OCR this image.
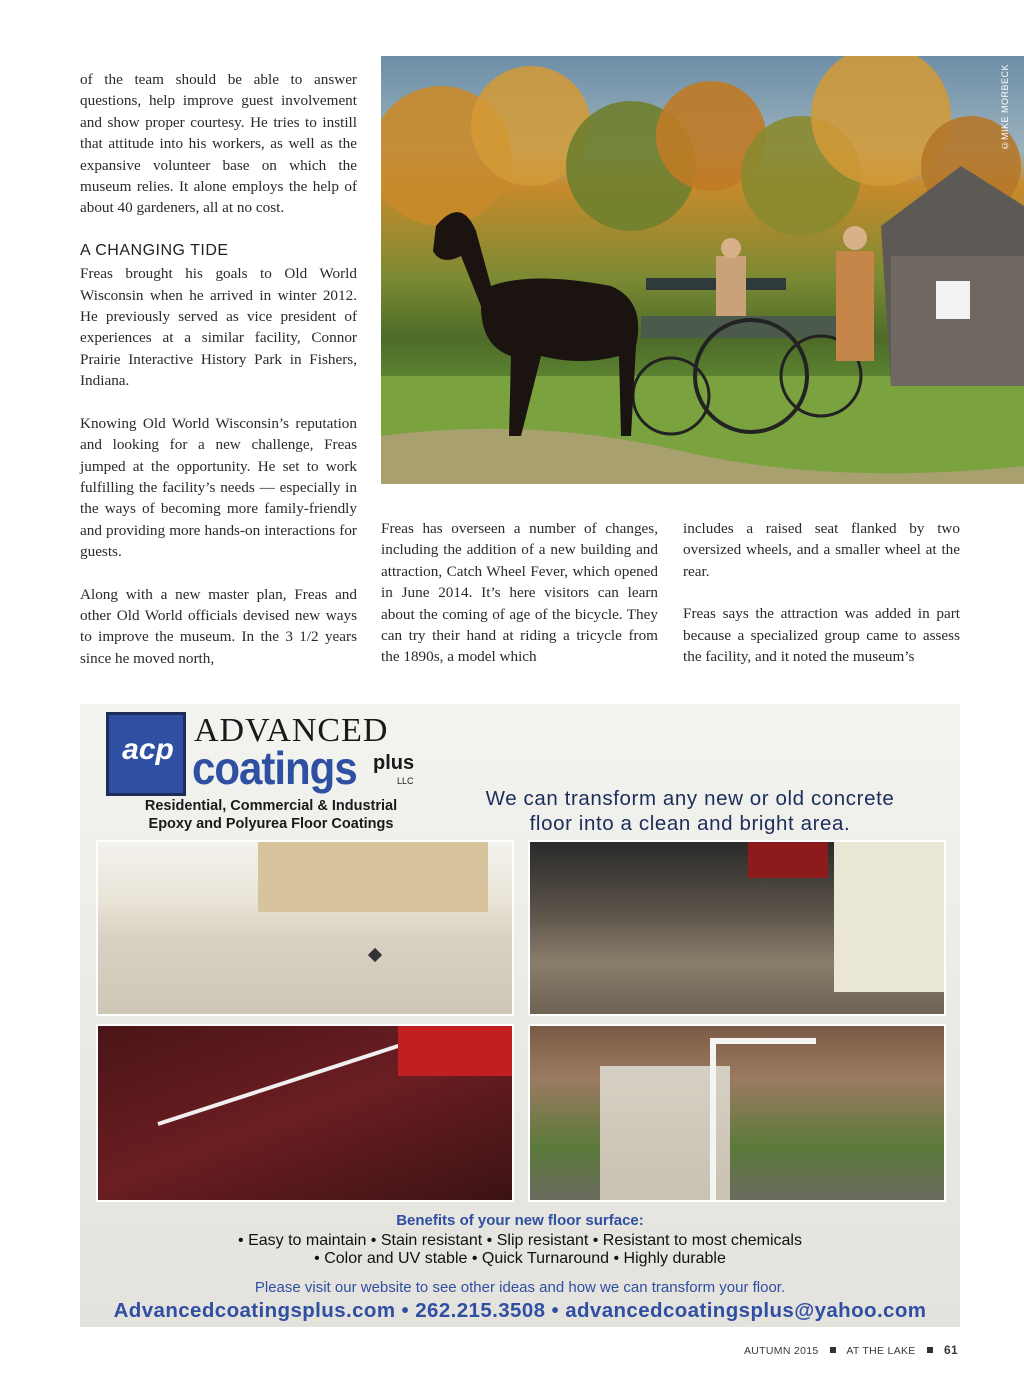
of the team should be able to answer questions, help improve guest involvement and show proper courtesy. He tries to instill that attitude into his workers, as well as the expansive volunteer base on which the museum relies. It alone employs the help of about 40 gardeners, all at no cost.

A CHANGING TIDE

Freas brought his goals to Old World Wisconsin when he arrived in winter 2012. He previously served as vice president of experiences at a similar facility, Connor Prairie Interactive History Park in Fishers, Indiana.

Knowing Old World Wisconsin’s reputation and looking for a new challenge, Freas jumped at the opportunity. He set to work fulfilling the facility’s needs — especially in the ways of becoming more family-friendly and providing more hands-on interactions for guests.

Along with a new master plan, Freas and other Old World officials devised new ways to improve the museum. In the 3 1/2 years since he moved north,

©MIKE MORBECK

Freas has overseen a number of changes, including the addition of a new building and attraction, Catch Wheel Fever, which opened in June 2014. It’s here visitors can learn about the coming of age of the bicycle. They can try their hand at riding a tricycle from the 1890s, a model which

includes a raised seat flanked by two oversized wheels, and a smaller wheel at the rear.

Freas says the attraction was added in part because a specialized group came to assess the facility, and it noted the museum’s

acp
ADVANCED
coatings plus
LLC
Residential, Commercial & Industrial
Epoxy and Polyurea Floor Coatings
We can transform any new or old concrete
floor into a clean and bright area.
Benefits of your new floor surface:
• Easy to maintain • Stain resistant • Slip resistant • Resistant to most chemicals
• Color and UV stable • Quick Turnaround • Highly durable
Please visit our website to see other ideas and how we can transform your floor.
Advancedcoatingsplus.com • 262.215.3508 • advancedcoatingsplus@yahoo.com
AUTUMN 2015	AT THE LAKE 61
